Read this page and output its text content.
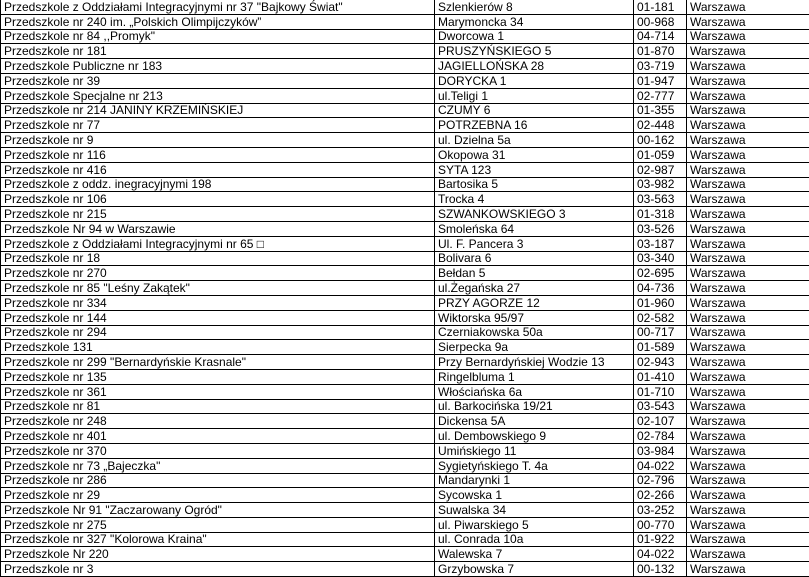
Przedszkole z Oddziałami Integracyjnymi nr 37 "Bajkowy Świat"	Szlenkierów 8	01-181	Warszawa
Przedszkole nr 240 im. „Polskich Olimpijczyków”	Marymoncka 34	00-968	Warszawa
Przedszkole nr 84 ,,Promyk"	Dworcowa 1	04-714	Warszawa
Przedszkole nr 181	PRUSZYŃSKIEGO 5	01-870	Warszawa
Przedszkole Publiczne nr 183	JAGIELLOŃSKA 28	03-719	Warszawa
Przedszkole nr 39	DORYCKA 1	01-947	Warszawa
Przedszkole Specjalne nr 213	ul.Teligi 1	02-777	Warszawa
Przedszkole nr 214 JANINY KRZEMIŃSKIEJ	CZUMY 6	01-355	Warszawa
Przedszkole nr 77	POTRZEBNA 16	02-448	Warszawa
Przedszkole nr 9	ul. Dzielna 5a	00-162	Warszawa
Przedszkole nr 116	Okopowa 31	01-059	Warszawa
Przedszkole nr 416	SYTA 123	02-987	Warszawa
Przedszkole z oddz. inegracyjnymi 198	Bartosika 5	03-982	Warszawa
Przedszkole nr 106	Trocka 4	03-563	Warszawa
Przedszkole nr 215	SZWANKOWSKIEGO 3	01-318	Warszawa
Przedszkole Nr 94 w Warszawie	Smoleńska 64	03-526	Warszawa
Przedszkole z Oddziałami Integracyjnymi nr 65 □	Ul. F. Pancera 3	03-187	Warszawa
Przedszkole nr 18	Bolivara 6	03-340	Warszawa
Przedszkole nr 270	Bełdan 5	02-695	Warszawa
Przedszkole nr 85 "Leśny Zakątek"	ul.Żegańska 27	04-736	Warszawa
Przedszkole nr 334	PRZY AGORZE 12	01-960	Warszawa
Przedszkole nr 144	Wiktorska 95/97	02-582	Warszawa
Przedszkole nr 294	Czerniakowska 50a	00-717	Warszawa
Przedszkole 131	Sierpecka 9a	01-589	Warszawa
Przedszkole nr 299 "Bernardyńskie Krasnale"	Przy Bernardyńskiej Wodzie 13	02-943	Warszawa
Przedszkole nr 135	Ringelbluma 1	01-410	Warszawa
Przedszkole nr 361	Włościańska 6a	01-710	Warszawa
Przedszkole nr 81	ul. Barkocińska 19/21	03-543	Warszawa
Przedszkole nr 248	Dickensa 5A	02-107	Warszawa
Przedszkole nr 401	ul. Dembowskiego 9	02-784	Warszawa
Przedszkole nr 370	Umińskiego 11	03-984	Warszawa
Przedszkole nr 73 „Bajeczka"	Sygietyńskiego T. 4a	04-022	Warszawa
Przedszkole nr 286	Mandarynki 1	02-796	Warszawa
Przedszkole nr 29	Sycowska 1	02-266	Warszawa
Przedszkole Nr 91 "Zaczarowany Ogród"	Suwalska 34	03-252	Warszawa
Przedszkole nr 275	ul. Piwarskiego 5	00-770	Warszawa
Przedszkole nr 327 "Kolorowa Kraina"	ul. Conrada 10a	01-922	Warszawa
Przedszkole Nr 220	Walewska 7	04-022	Warszawa
Przedszkole nr 3	Grzybowska 7	00-132	Warszawa
